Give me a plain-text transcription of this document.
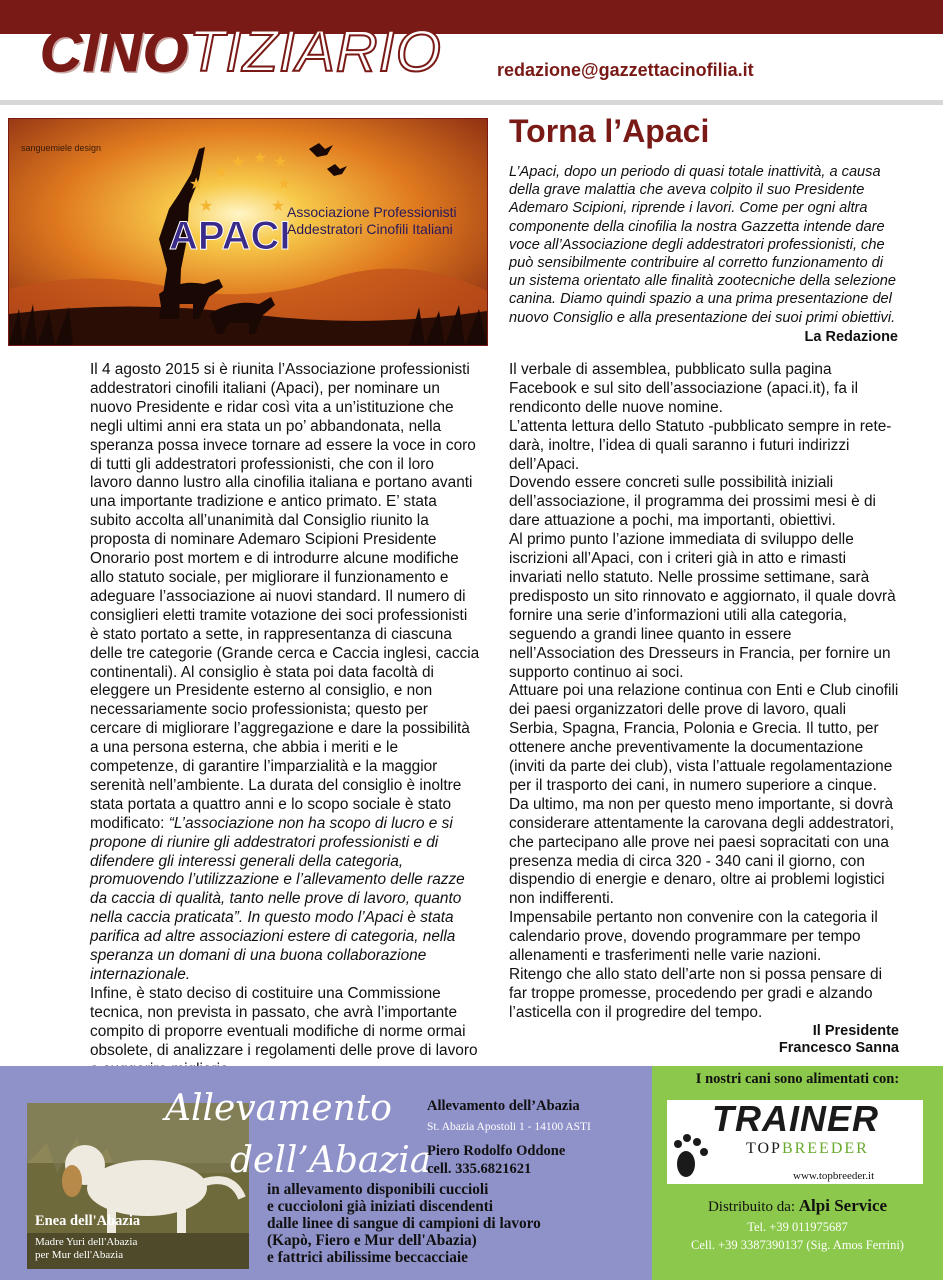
CINOTIZIARIO	redazione@gazzettacinofilia.it
★
★ ★ ★
★	★
★	★
sanguemiele design
APACI
Associazione Professionisti
Addestratori Cinofili Italiani
Torna l’Apaci
L’Apaci, dopo un periodo di quasi totale inattività, a causa della grave malattia che aveva colpito il suo Presidente Ademaro Scipioni, riprende i lavori. Come per ogni altra componente della cinofilia la nostra Gazzetta intende dare voce all’Associazione degli addestratori professionisti, che può sensibilmente contribuire al corretto funzionamento di un sistema orientato alle finalità zootecniche della selezione canina. Diamo quindi spazio a una prima presentazione del nuovo Consiglio e alla presentazione dei suoi primi obiettivi.
La Redazione

Il 4 agosto 2015 si è riunita l’Associazione professionisti addestratori cinofili italiani (Apaci), per nominare un nuovo Presidente e ridar così vita a un’istituzione che negli ultimi anni era stata un po’ abbandonata, nella speranza possa invece tornare ad essere la voce in coro di tutti gli addestratori professionisti, che con il loro lavoro danno lustro alla cinofilia italiana e portano avanti una importante tradizione e antico primato. E’ stata subito accolta all’unanimità dal Consiglio riunito la proposta di nominare Ademaro Scipioni Presidente Onorario post mortem e di introdurre alcune modifiche allo statuto sociale, per migliorare il funzionamento e adeguare l’associazione ai nuovi standard. Il numero di consiglieri eletti tramite votazione dei soci professionisti è stato portato a sette, in rappresentanza di ciascuna delle tre categorie (Grande cerca e Caccia inglesi, caccia continentali). Al consiglio è stata poi data facoltà di eleggere un Presidente esterno al consiglio, e non necessariamente socio professionista; questo per cercare di migliorare l’aggregazione e dare la possibilità a una persona esterna, che abbia i meriti e le competenze, di garantire l’imparzialità e la maggior serenità nell’ambiente. La durata del consiglio è inoltre stata portata a quattro anni e lo scopo sociale è stato modificato: “L’associazione non ha scopo di lucro e si propone di riunire gli addestratori professionisti e di difendere gli interessi generali della categoria, promuovendo l’utilizzazione e l’allevamento delle razze da caccia di qualità, tanto nelle prove di lavoro, quanto nella caccia praticata”. In questo modo l’Apaci è stata parifica ad altre associazioni estere di categoria, nella speranza un domani di una buona collaborazione internazionale.

Infine, è stato deciso di costituire una Commissione tecnica, non prevista in passato, che avrà l’importante compito di proporre eventuali modifiche di norme ormai obsolete, di analizzare i regolamenti delle prove di lavoro

Il verbale di assemblea, pubblicato sulla pagina Facebook e sul sito dell’associazione (apaci.it), fa il rendiconto delle nuove nomine.

L’attenta lettura dello Statuto -pubblicato sempre in rete- darà, inoltre, l’idea di quali saranno i futuri indirizzi dell’Apaci.

Dovendo essere concreti sulle possibilità iniziali dell’associazione, il programma dei prossimi mesi è di dare attuazione a pochi, ma importanti, obiettivi.

Al primo punto l’azione immediata di sviluppo delle iscrizioni all’Apaci, con i criteri già in atto e rimasti invariati nello statuto. Nelle prossime settimane, sarà predisposto un sito rinnovato e aggiornato, il quale dovrà fornire una serie d’informazioni utili alla categoria, seguendo a grandi linee quanto in essere nell’Association des Dresseurs in Francia, per fornire un supporto continuo ai soci.

Attuare poi una relazione continua con Enti e Club cinofili dei paesi organizzatori delle prove di lavoro, quali Serbia, Spagna, Francia, Polonia e Grecia. Il tutto, per ottenere anche preventivamente la documentazione (inviti da parte dei club), vista l’attuale regolamentazione per il trasporto dei cani, in numero superiore a cinque.

Da ultimo, ma non per questo meno importante, si dovrà considerare attentamente la carovana degli addestratori, che partecipano alle prove nei paesi sopracitati con una presenza media di circa 320 - 340 cani il giorno, con dispendio di energie e denaro, oltre ai problemi logistici non indifferenti.

Impensabile pertanto non convenire con la categoria il calendario prove, dovendo programmare per tempo allenamenti e trasferimenti nelle varie nazioni.

Ritengo che allo stato dell’arte non si possa pensare di far troppe promesse, procedendo per gradi e alzando l’asticella con il progredire del tempo.

Il Presidente
Francesco Sanna
Allevamento
dell’Abazia
Enea dell'Abazia
Madre Yuri dell'Abazia
per Mur dell'Abazia
Allevamento dell’Abazia
St. Abazia Apostoli 1 - 14100 ASTI
Piero Rodolfo Oddone
cell. 335.6821621
in allevamento disponibili cuccioli
e cuccioloni già iniziati discendenti
dalle linee di sangue di campioni di lavoro
(Kapò, Fiero e Mur dell'Abazia)
e fattrici abilissime beccacciaie
I nostri cani sono alimentati con:
TRAINER
TOPBREEDER
www.topbreeder.it
Distribuito da: Alpi Service
Tel. +39 011975687
Cell. +39 3387390137 (Sig. Amos Ferrini)
